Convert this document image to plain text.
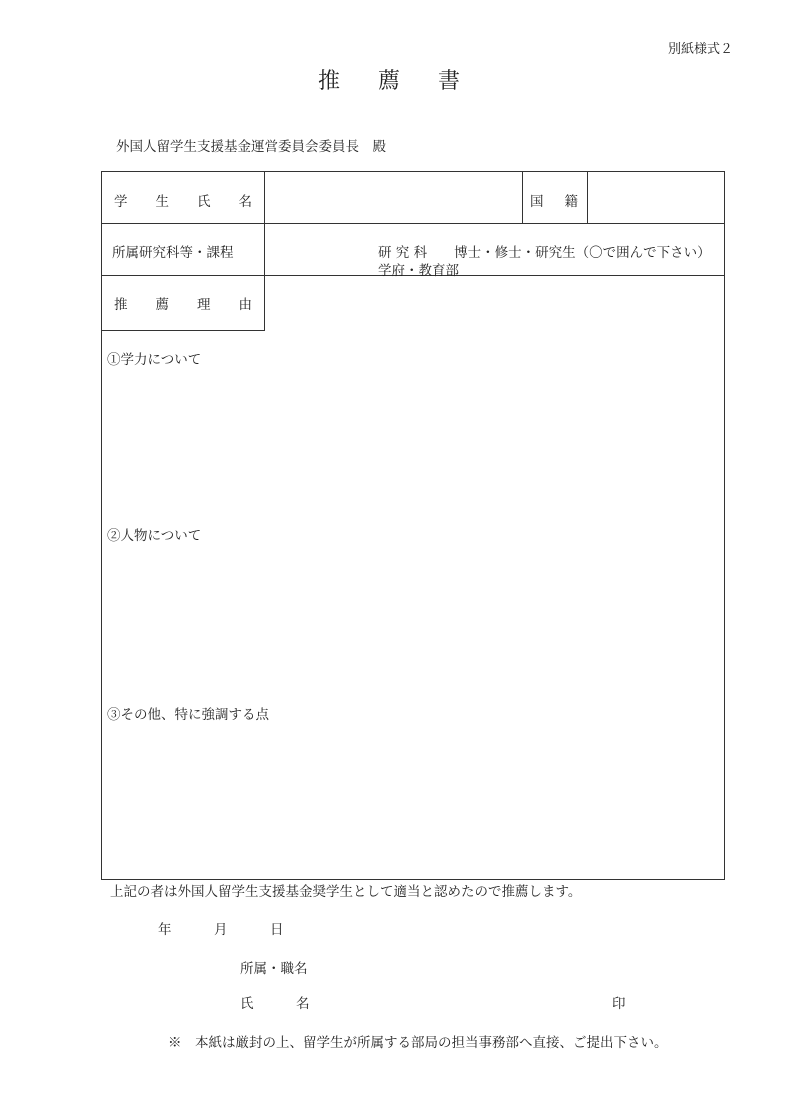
別紙様式２
推 薦 書
外国人留学生支援基金運営委員会委員長　殿
学 生 氏 名	国 籍
所属研究科等・課程	研 究 科　　博士・修士・研究生（〇で囲んで下さい）
学府・教育部
推 薦 理 由
①学力について
②人物について
③その他、特に強調する点
上記の者は外国人留学生支援基金奨学生として適当と認めたので推薦します。
年	月	日
所属・職名
氏	名	印
※　本紙は厳封の上、留学生が所属する部局の担当事務部へ直接、ご提出下さい。
